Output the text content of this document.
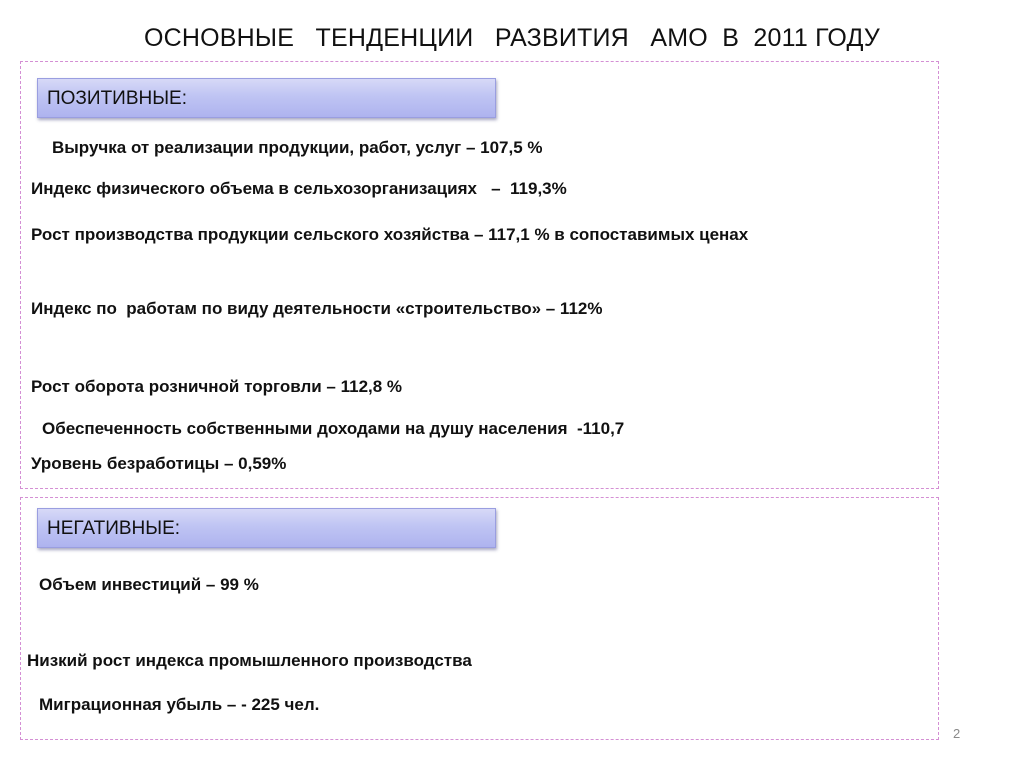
ОСНОВНЫЕ   ТЕНДЕНЦИИ   РАЗВИТИЯ   АМО  В  2011 ГОДУ
ПОЗИТИВНЫЕ:
Выручка от реализации продукции, работ, услуг – 107,5 %
Индекс физического объема в сельхозорганизациях   –  119,3%
Рост производства продукции сельского хозяйства – 117,1 % в сопоставимых ценах
Индекс по  работам по виду деятельности «строительство» – 112%
Рост оборота розничной торговли – 112,8 %
Обеспеченность собственными доходами на душу населения  -110,7
Уровень безработицы – 0,59%
НЕГАТИВНЫЕ:
Объем инвестиций – 99 %
Низкий рост индекса промышленного производства
Миграционная убыль – - 225 чел.
2
